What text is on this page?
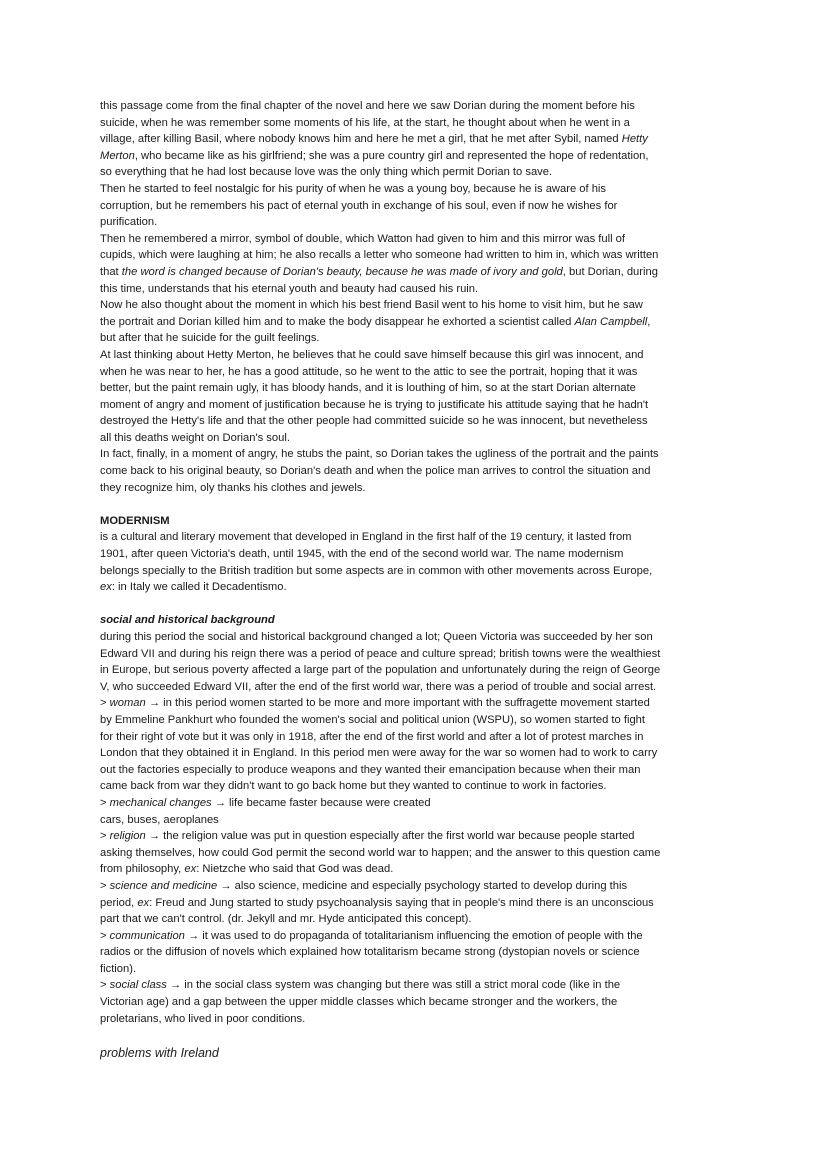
this passage come from the final chapter of the novel and here we saw Dorian during the moment before his
suicide, when he was remember some moments of his life, at the start, he thought about when he went in a
village, after killing Basil, where nobody knows him and here he met a girl, that he met after Sybil, named Hetty
Merton, who became like as his girlfriend; she was a pure country girl and represented the hope of redentation,
so everything that he had lost because love was the only thing which permit Dorian to save.
Then he started to feel nostalgic for his purity of when he was a young boy, because he is aware of his
corruption, but he remembers his pact of eternal youth in exchange of his soul, even if now he wishes for
purification.
Then he remembered a mirror, symbol of double, which Watton had given to him and this mirror was full of
cupids, which were laughing at him; he also recalls a letter who someone had written to him in, which was written
that the word is changed because of Dorian's beauty, because he was made of ivory and gold, but Dorian, during
this time, understands that his eternal youth and beauty had caused his ruin.
Now he also thought about the moment in which his best friend Basil went to his home to visit him, but he saw
the portrait and Dorian killed him and to make the body disappear he exhorted a scientist called Alan Campbell,
but after that he suicide for the guilt feelings.
At last thinking about Hetty Merton, he believes that he could save himself because this girl was innocent, and
when he was near to her, he has a good attitude, so he went to the attic to see the portrait, hoping that it was
better, but the paint remain ugly, it has bloody hands, and it is louthing of him, so at the start Dorian alternate
moment of angry and moment of justification because he is trying to justificate his attitude saying that he hadn't
destroyed the Hetty's life and that the other people had committed suicide so he was innocent, but nevetheless
all this deaths weight on Dorian's soul.
In fact, finally, in a moment of angry, he stubs the paint, so Dorian takes the ugliness of the portrait and the paints
come back to his original beauty, so Dorian's death and when the police man arrives to control the situation and
they recognize him, oly thanks his clothes and jewels.
MODERNISM
is a cultural and literary movement that developed in England in the first half of the 19 century, it lasted from
1901, after queen Victoria's death, until 1945, with the end of the second world war. The name modernism
belongs specially to the British tradition but some aspects are in common with other movements across Europe,
ex: in Italy we called it Decadentismo.
social and historical background
during this period the social and historical background changed a lot; Queen Victoria was succeeded by her son
Edward VII and during his reign there was a period of peace and culture spread; british towns were the wealthiest
in Europe, but serious poverty affected a large part of the population and unfortunately during the reign of George
V, who succeeded Edward VII, after the end of the first world war, there was a period of trouble and social arrest.
> woman → in this period women started to be more and more important with the suffragette movement started
by Emmeline Pankhurt who founded the women's social and political union (WSPU), so women started to fight
for their right of vote but it was only in 1918, after the end of the first world and after a lot of protest marches in
London that they obtained it in England. In this period men were away for the war so women had to work to carry
out the factories especially to produce weapons and they wanted their emancipation because when their man
came back from war they didn't want to go back home but they wanted to continue to work in factories.
> mechanical changes → life became faster because were created
cars, buses, aeroplanes
> religion → the religion value was put in question especially after the first world war because people started
asking themselves, how could God permit the second world war to happen; and the answer to this question came
from philosophy, ex: Nietzche who said that God was dead.
> science and medicine → also science, medicine and especially psychology started to develop during this
period, ex: Freud and Jung started to study psychoanalysis saying that in people's mind there is an unconscious
part that we can't control. (dr. Jekyll and mr. Hyde anticipated this concept).
> communication → it was used to do propaganda of totalitarianism influencing the emotion of people with the
radios or the diffusion of novels which explained how totalitarism became strong (dystopian novels or science
fiction).
> social class → in the social class system was changing but there was still a strict moral code (like in the
Victorian age) and a gap between the upper middle classes which became stronger and the workers, the
proletarians, who lived in poor conditions.
problems with Ireland
